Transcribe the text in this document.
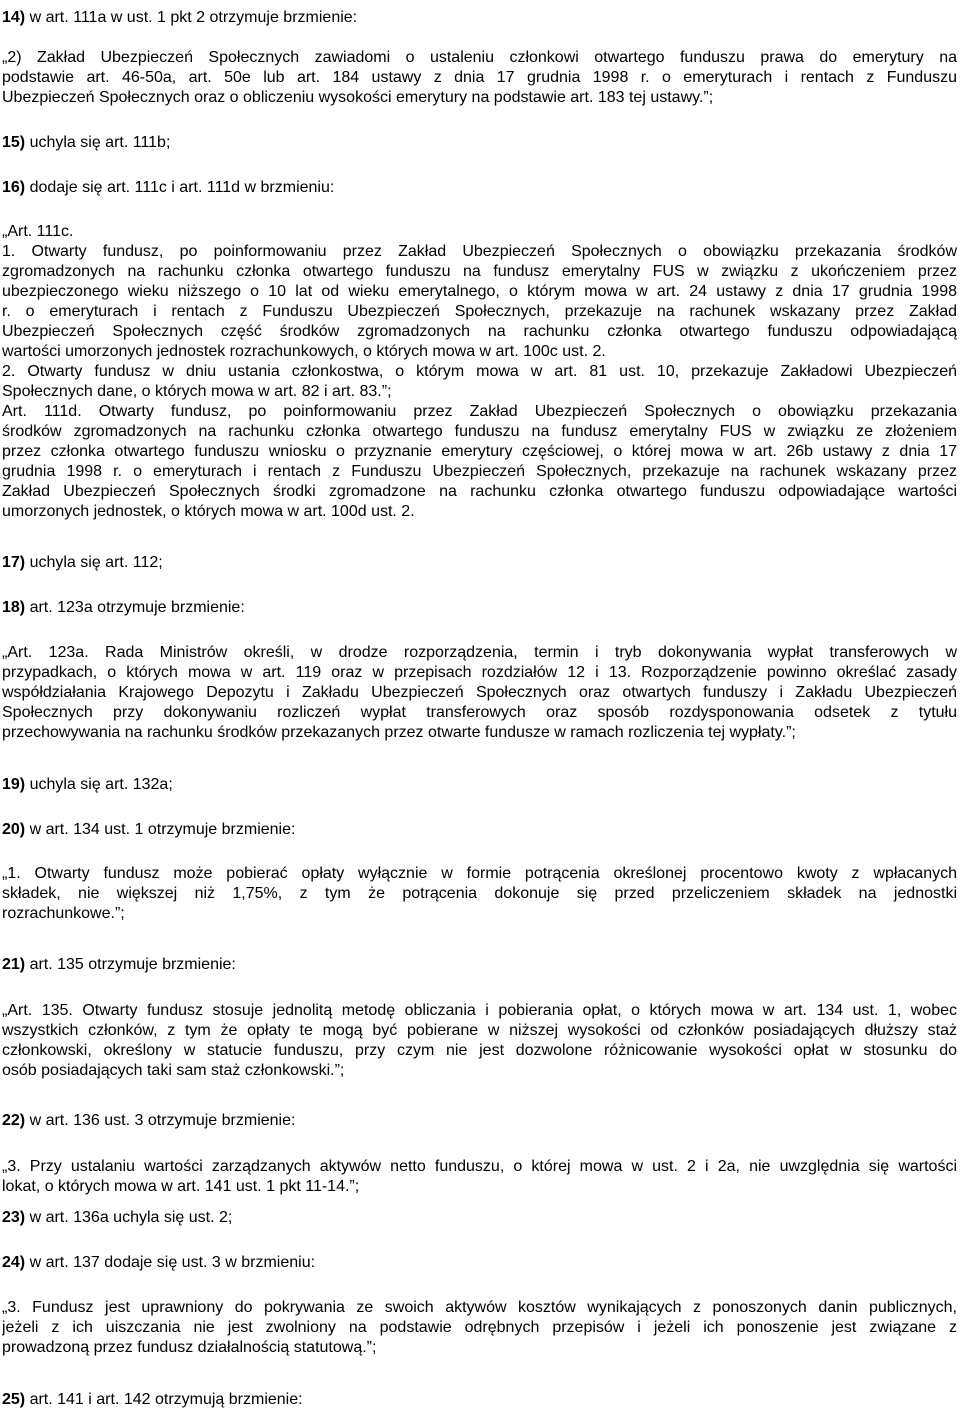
14) w art. 111a w ust. 1 pkt 2 otrzymuje brzmienie:
„2) Zakład Ubezpieczeń Społecznych zawiadomi o ustaleniu członkowi otwartego funduszu prawa do emerytury na
podstawie art. 46-50a, art. 50e lub art. 184 ustawy z dnia 17 grudnia 1998 r. o emeryturach i rentach z Funduszu
Ubezpieczeń Społecznych oraz o obliczeniu wysokości emerytury na podstawie art. 183 tej ustawy.”;
15) uchyla się art. 111b;
16) dodaje się art. 111c i art. 111d w brzmieniu:
„Art. 111c.
1. Otwarty fundusz, po poinformowaniu przez Zakład Ubezpieczeń Społecznych o obowiązku przekazania środków
zgromadzonych na rachunku członka otwartego funduszu na fundusz emerytalny FUS w związku z ukończeniem przez
ubezpieczonego wieku niższego o 10 lat od wieku emerytalnego, o którym mowa w art. 24 ustawy z dnia 17 grudnia 1998
r. o emeryturach i rentach z Funduszu Ubezpieczeń Społecznych, przekazuje na rachunek wskazany przez Zakład
Ubezpieczeń Społecznych część środków zgromadzonych na rachunku członka otwartego funduszu odpowiadającą
wartości umorzonych jednostek rozrachunkowych, o których mowa w art. 100c ust. 2.
2. Otwarty fundusz w dniu ustania członkostwa, o którym mowa w art. 81 ust. 10, przekazuje Zakładowi Ubezpieczeń
Społecznych dane, o których mowa w art. 82 i art. 83.”;
Art. 111d. Otwarty fundusz, po poinformowaniu przez Zakład Ubezpieczeń Społecznych o obowiązku przekazania
środków zgromadzonych na rachunku członka otwartego funduszu na fundusz emerytalny FUS w związku ze złożeniem
przez członka otwartego funduszu wniosku o przyznanie emerytury częściowej, o której mowa w art. 26b ustawy z dnia 17
grudnia 1998 r. o emeryturach i rentach z Funduszu Ubezpieczeń Społecznych, przekazuje na rachunek wskazany przez
Zakład Ubezpieczeń Społecznych środki zgromadzone na rachunku członka otwartego funduszu odpowiadające wartości
umorzonych jednostek, o których mowa w art. 100d ust. 2.
17) uchyla się art. 112;
18) art. 123a otrzymuje brzmienie:
„Art. 123a. Rada Ministrów określi, w drodze rozporządzenia, termin i tryb dokonywania wypłat transferowych w
przypadkach, o których mowa w art. 119 oraz w przepisach rozdziałów 12 i 13. Rozporządzenie powinno określać zasady
współdziałania Krajowego Depozytu i Zakładu Ubezpieczeń Społecznych oraz otwartych funduszy i Zakładu Ubezpieczeń
Społecznych przy dokonywaniu rozliczeń wypłat transferowych oraz sposób rozdysponowania odsetek z tytułu
przechowywania na rachunku środków przekazanych przez otwarte fundusze w ramach rozliczenia tej wypłaty.”;
19) uchyla się art. 132a;
20) w art. 134 ust. 1 otrzymuje brzmienie:
„1. Otwarty fundusz może pobierać opłaty wyłącznie w formie potrącenia określonej procentowo kwoty z wpłacanych
składek, nie większej niż 1,75%, z tym że potrącenia dokonuje się przed przeliczeniem składek na jednostki
rozrachunkowe.”;
21) art. 135 otrzymuje brzmienie:
„Art. 135. Otwarty fundusz stosuje jednolitą metodę obliczania i pobierania opłat, o których mowa w art. 134 ust. 1, wobec
wszystkich członków, z tym że opłaty te mogą być pobierane w niższej wysokości od członków posiadających dłuższy staż
członkowski, określony w statucie funduszu, przy czym nie jest dozwolone różnicowanie wysokości opłat w stosunku do
osób posiadających taki sam staż członkowski.”;
22) w art. 136 ust. 3 otrzymuje brzmienie:
„3. Przy ustalaniu wartości zarządzanych aktywów netto funduszu, o której mowa w ust. 2 i 2a, nie uwzględnia się wartości
lokat, o których mowa w art. 141 ust. 1 pkt 11-14.”;
23) w art. 136a uchyla się ust. 2;
24) w art. 137 dodaje się ust. 3 w brzmieniu:
„3. Fundusz jest uprawniony do pokrywania ze swoich aktywów kosztów wynikających z ponoszonych danin publicznych,
jeżeli z ich uiszczania nie jest zwolniony na podstawie odrębnych przepisów i jeżeli ich ponoszenie jest związane z
prowadzoną przez fundusz działalnością statutową.”;
25) art. 141 i art. 142 otrzymują brzmienie:
